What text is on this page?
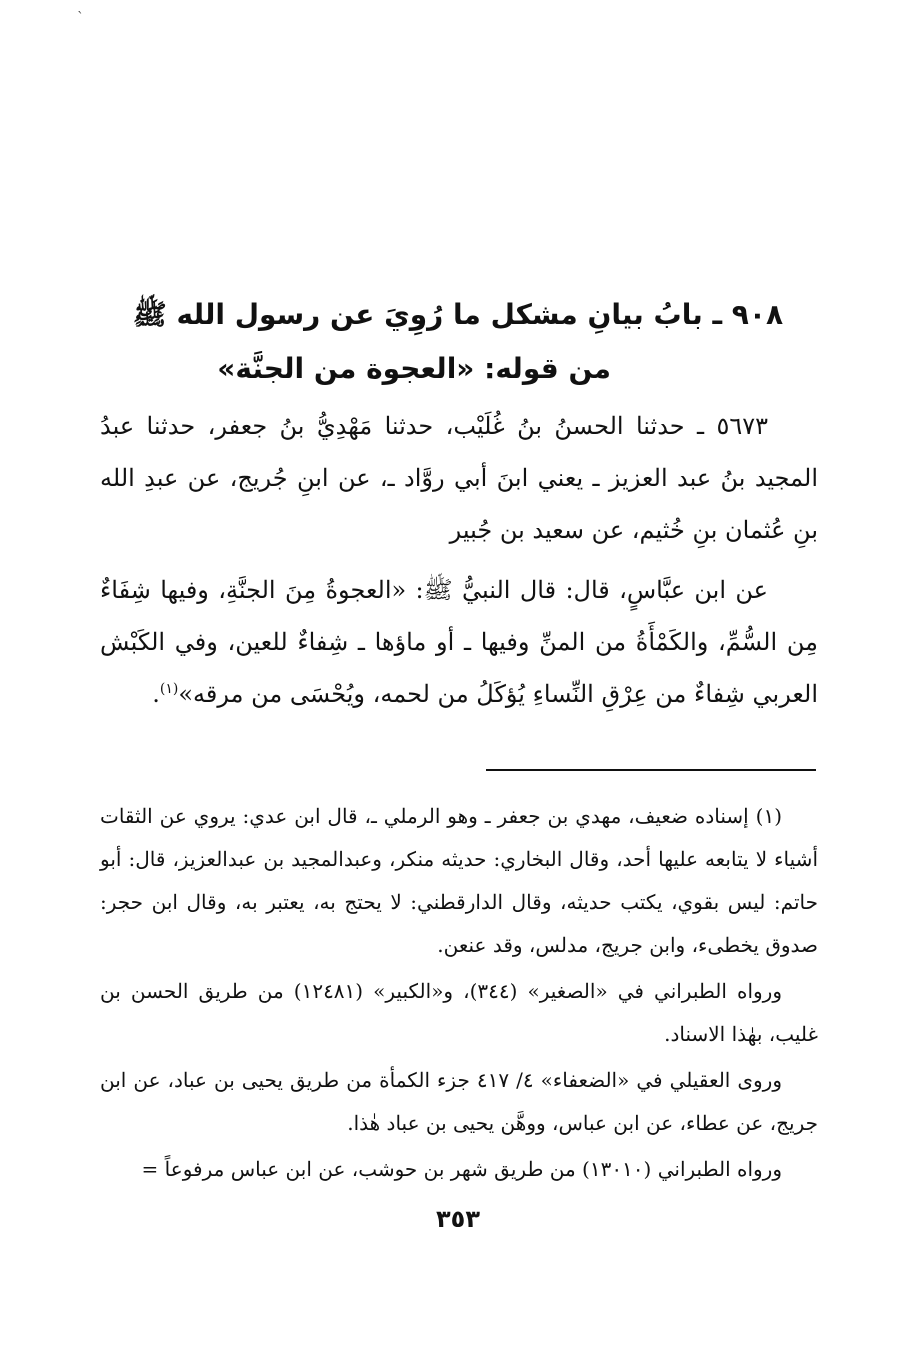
ˋ
٩٠٨ ـ بابُ بيانِ مشكل ما رُوِيَ عن رسول الله ﷺ
من قوله: «العجوة من الجنَّة»

٥٦٧٣ ـ حدثنا الحسنُ بنُ غُلَيْب، حدثنا مَهْدِيُّ بنُ جعفر، حدثنا عبدُ المجيد بنُ عبد العزيز ـ يعني ابنَ أبي روَّاد ـ، عن ابنِ جُريج، عن عبدِ الله بنِ عُثمان بنِ خُثيم، عن سعيد بن جُبير

عن ابن عبَّاسٍ، قال: قال النبيُّ ﷺ: «العجوةُ مِنَ الجنَّةِ، وفيها شِفَاءٌ مِن السُّمِّ، والكَمْأَةُ من المنِّ وفيها ـ أو ماؤها ـ شِفاءٌ للعين، وفي الكَبْش العربي شِفاءٌ من عِرْقِ النِّساءِ يُؤكَلُ من لحمه، ويُحْسَى من مرقه»$^{(١)}$.

(١) إسناده ضعيف، مهدي بن جعفر ـ وهو الرملي ـ، قال ابن عدي: يروي عن الثقات أشياء لا يتابعه عليها أحد، وقال البخاري: حديثه منكر، وعبدالمجيد بن عبدالعزيز، قال: أبو حاتم: ليس بقوي، يكتب حديثه، وقال الدارقطني: لا يحتج به، يعتبر به، وقال ابن حجر: صدوق يخطىء، وابن جريج، مدلس، وقد عنعن.

ورواه الطبراني في «الصغير» (٣٤٤)، و«الكبير» (١٢٤٨١) من طريق الحسن بن غليب، بهٰذا الاسناد.

وروى العقيلي في «الضعفاء» ٤/ ٤١٧ جزء الكمأة من طريق يحيى بن عباد، عن ابن جريج، عن عطاء، عن ابن عباس، ووهَّن يحيى بن عباد هٰذا.

ورواه الطبراني (١٣٠١٠) من طريق شهر بن حوشب، عن ابن عباس مرفوعاً =

٣٥٣
